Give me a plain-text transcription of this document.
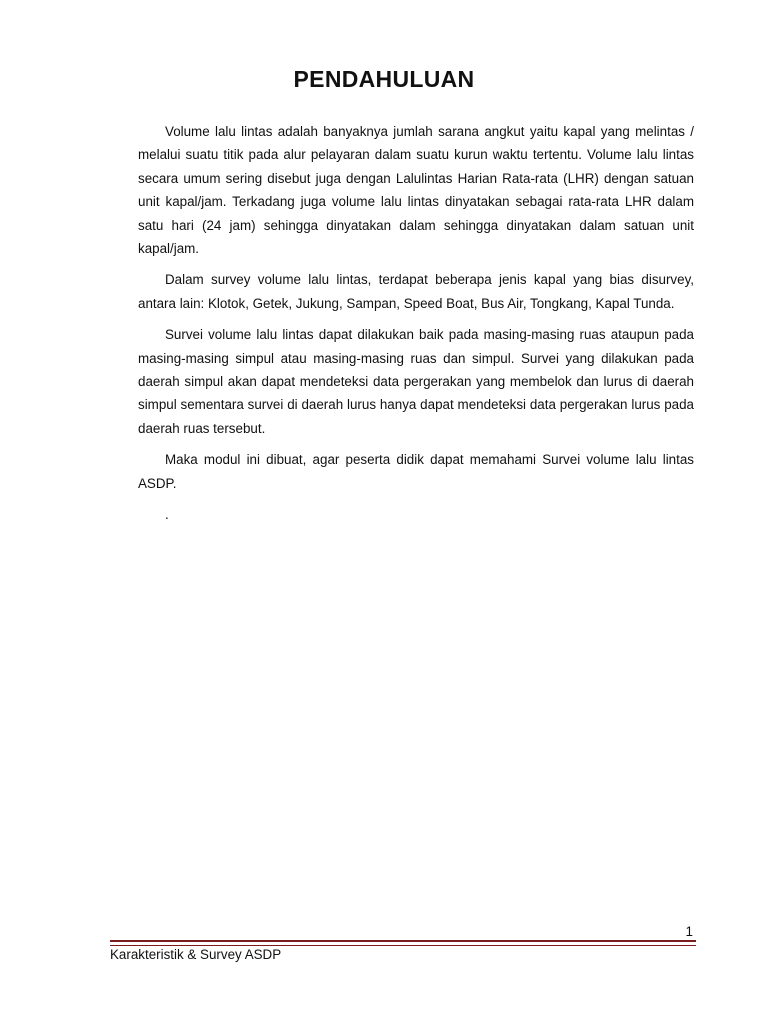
PENDAHULUAN

Volume lalu lintas adalah banyaknya jumlah sarana angkut yaitu kapal yang melintas / melalui suatu titik pada alur pelayaran dalam suatu kurun waktu tertentu. Volume lalu lintas secara umum sering disebut juga dengan Lalulintas Harian Rata-rata (LHR) dengan satuan unit kapal/jam. Terkadang juga volume lalu lintas dinyatakan sebagai rata-rata LHR dalam satu hari (24 jam) sehingga dinyatakan dalam sehingga dinyatakan dalam satuan unit kapal/jam.

Dalam survey volume lalu lintas, terdapat beberapa jenis kapal yang bias disurvey, antara lain: Klotok, Getek, Jukung, Sampan, Speed Boat, Bus Air, Tongkang, Kapal Tunda.

Survei volume lalu lintas dapat dilakukan baik pada masing-masing ruas ataupun pada masing-masing simpul atau masing-masing ruas dan simpul. Survei yang dilakukan pada daerah simpul akan dapat mendeteksi data pergerakan yang membelok dan lurus di daerah simpul sementara survei di daerah lurus hanya dapat mendeteksi data pergerakan lurus pada daerah ruas tersebut.

Maka modul ini dibuat, agar peserta didik dapat memahami Survei volume lalu lintas ASDP.

.

1
Karakteristik & Survey ASDP
